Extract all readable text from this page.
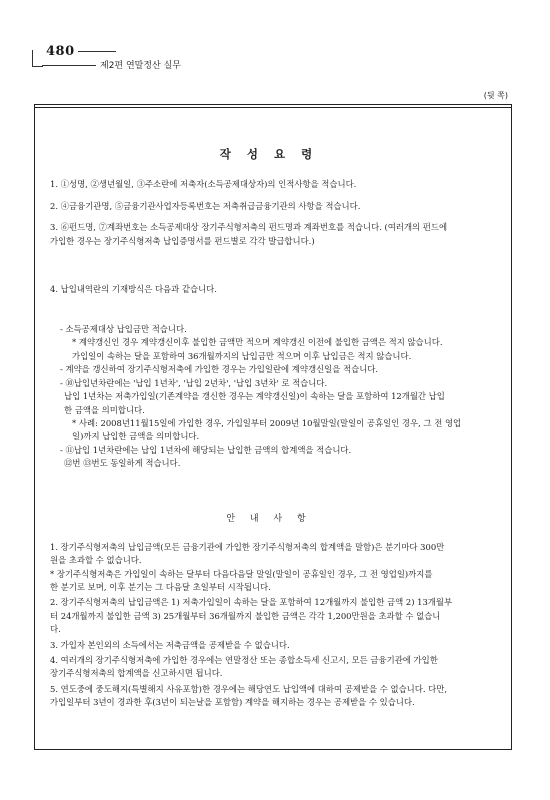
480
제2편 연말정산 실무
(뒷 쪽)
작 성 요 령
1. ①성명, ②생년월일, ③주소란에 저축자(소득공제대상자)의 인적사항을 적습니다.
2. ④금융기관명, ⑤금융기관사업자등록번호는 저축취급금융기관의 사항을 적습니다.
3. ⑥펀드명, ⑦계좌번호는 소득공제대상 장기주식형저축의 펀드명과 계좌번호를 적습니다. (여러개의 펀드에
가입한 경우는 장기주식형저축 납입증명서를 펀드별로 각각 발급합니다.)

4. 납입내역란의 기재방식은 다음과 같습니다.

- 소득공제대상 납입금만 적습니다.
* 계약갱신인 경우 계약갱신이후 불입한 금액만 적으며 계약갱신 이전에 불입한 금액은 적지 않습니다.
가입일이 속하는 달을 포함하여 36개월까지의 납입금만 적으며 이후 납입금은 적지 않습니다.
- 계약을 갱신하여 장기주식형저축에 가입한 경우는 가입일란에 계약갱신일을 적습니다.
- ⑩납입년차란에는 '납입 1년차', '납입 2년차', '납입 3년차' 로 적습니다.
납입 1년차는 저축가입일(기존계약을 갱신한 경우는 계약갱신일)이 속하는 달을 포함하여 12개월간 납입
한 금액을 의미합니다.
* 사례: 2008년11월15일에 가입한 경우, 가입일부터 2009년 10월말일(말일이 공휴일인 경우, 그 전 영업
일)까지 납입한 금액을 의미합니다.
- ⑪납입 1년차란에는 납입 1년차에 해당되는 납입한 금액의 합계액을 적습니다.
⑫번 ⑬번도 동일하게 적습니다.

안 내 사 항
1. 장기주식형저축의 납입금액(모든 금융기관에 가입한 장기주식형저축의 합계액을 말함)은 분기마다 300만
원을 초과할 수 없습니다.
* 장기주식형저축은 가입일이 속하는 달부터 다음다음달 말일(말일이 공휴일인 경우, 그 전 영업일)까지를
한 분기로 보며, 이후 분기는 그 다음달 초일부터 시작됩니다.
2. 장기주식형저축의 납입금액은 1) 저축가입일이 속하는 달을 포함하여 12개월까지 불입한 금액 2) 13개월부
터 24개월까지 불입한 금액 3) 25개월부터 36개월까지 불입한 금액은 각각 1,200만원을 초과할 수 없습니
다.
3. 가입자 본인외의 소득에서는 저축금액을 공제받을 수 없습니다.
4. 여러개의 장기주식형저축에 가입한 경우에는 연말정산 또는 종합소득세 신고시, 모든 금융기관에 가입한
장기주식형저축의 합계액을 신고하시면 됩니다.
5. 연도중에 중도해지(특별해지 사유포함)한 경우에는 해당연도 납입액에 대하여 공제받을 수 없습니다. 다만,
가입일부터 3년이 경과한 후(3년이 되는날을 포함함) 계약을 해지하는 경우는 공제받을 수 있습니다.
